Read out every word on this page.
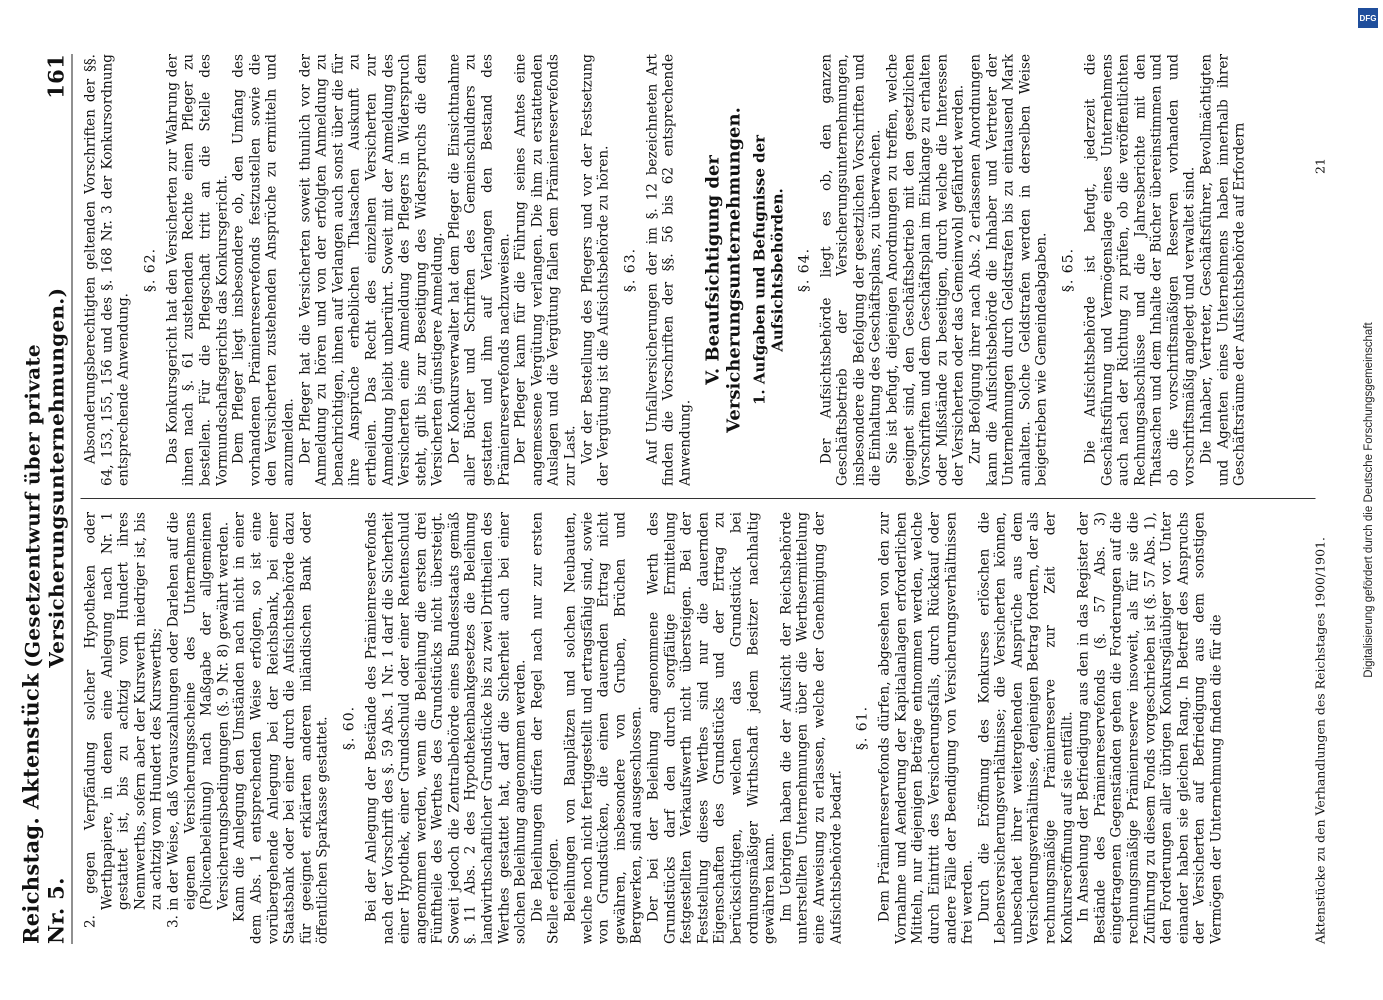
Reichstag. Aktenstück Nr. 5.
(Gesetzentwurf über private Versicherungsunternehmungen.)
161

2. gegen Verpfändung solcher Hypotheken oder Werthpapiere, in denen eine Anlegung nach Nr. 1 gestattet ist, bis zu achtzig vom Hundert ihres Nennwerths, sofern aber der Kurswerth niedriger ist, bis zu achtzig vom Hundert des Kurswerths; 3. in der Weise, daß Vorauszahlungen oder Darlehen auf die eigenen Versicherungsscheine des Unternehmens (Policenbeleihung) nach Maßgabe der allgemeinen Versicherungsbedingungen (§. 9 Nr. 8) gewährt werden. Kann die Anlegung den Umständen nach nicht in einer dem Abs. 1 entsprechenden Weise erfolgen, so ist eine vorübergehende Anlegung bei der Reichsbank, bei einer Staatsbank oder bei einer durch die Aufsichtsbehörde dazu für geeignet erklärten anderen inländischen Bank oder öffentlichen Sparkasse gestattet. §. 60. Bei der Anlegung der Bestände des Prämienreservefonds nach der Vorschrift des §. 59 Abs. 1 Nr. 1 darf die Sicherheit einer Hypothek, einer Grundschuld oder einer Rentenschuld angenommen werden, wenn die Beleihung die ersten drei Fünftheile des Werthes des Grundstücks nicht übersteigt. Soweit jedoch die Zentralbehörde eines Bundesstaats gemäß §. 11 Abs. 2 des Hypothekenbankgesetzes die Beleihung landwirthschaftlicher Grundstücke bis zu zwei Drittheilen des Werthes gestattet hat, darf die Sicherheit auch bei einer solchen Beleihung angenommen werden. Die Beleihungen dürfen der Regel nach nur zur ersten Stelle erfolgen. Beleihungen von Bauplätzen und solchen Neubauten, welche noch nicht fertiggestellt und ertragsfähig sind, sowie von Grundstücken, die einen dauernden Ertrag nicht gewähren, insbesondere von Gruben, Brüchen und Bergwerken, sind ausgeschlossen. Der bei der Beleihung angenommene Werth des Grundstücks darf den durch sorgfältige Ermittelung festgestellten Verkaufswerth nicht übersteigen. Bei der Feststellung dieses Werthes sind nur die dauernden Eigenschaften des Grundstücks und der Ertrag zu berücksichtigen, welchen das Grundstück bei ordnungsmäßiger Wirthschaft jedem Besitzer nachhaltig gewähren kann. Im Uebrigen haben die der Aufsicht der Reichsbehörde unterstellten Unternehmungen über die Werthsermittelung eine Anweisung zu erlassen, welche der Genehmigung der Aufsichtsbehörde bedarf.

§. 61. Dem Prämienreservefonds dürfen, abgesehen von den zur Vornahme und Aenderung der Kapitalanlagen erforderlichen Mitteln, nur diejenigen Beträge entnommen werden, welche durch Eintritt des Versicherungsfalls, durch Rückkauf oder andere Fälle der Beendigung von Versicherungsverhältnissen frei werden. Durch die Eröffnung des Konkurses erlöschen die Lebensversicherungsverhältnisse; die Versicherten können, unbeschadet ihrer weitergehenden Ansprüche aus dem Versicherungsverhältnisse, denjenigen Betrag fordern, der als rechnungsmäßige Prämienreserve zur Zeit der Konkurseröffnung auf sie entfällt. In Ansehung der Befriedigung aus den in das Register der Bestände des Prämienreservefonds (§. 57 Abs. 3) eingetragenen Gegenständen gehen die Forderungen auf die rechnungsmäßige Prämienreserve insoweit, als für sie die Zuführung zu diesem Fonds vorgeschrieben ist (§. 57 Abs. 1), den Forderungen aller übrigen Konkursgläubiger vor. Unter einander haben sie gleichen Rang. In Betreff des Anspruchs der Versicherten auf Befriedigung aus dem sonstigen Vermögen der Unternehmung finden die für die

Absonderungsberechtigten geltenden Vorschriften der §§. 64, 153, 155, 156 und des §. 168 Nr. 3 der Konkursordnung entsprechende Anwendung.

§. 62. Das Konkursgericht hat den Versicherten zur Wahrung der ihnen nach §. 61 zustehenden Rechte einen Pfleger zu bestellen. Für die Pflegschaft tritt an die Stelle des Vormundschaftsgerichts das Konkursgericht. Dem Pfleger liegt insbesondere ob, den Umfang des vorhandenen Prämienreservefonds festzustellen sowie die den Versicherten zustehenden Ansprüche zu ermitteln und anzumelden. Der Pfleger hat die Versicherten soweit thunlich vor der Anmeldung zu hören und von der erfolgten Anmeldung zu benachrichtigen, ihnen auf Verlangen auch sonst über die für ihre Ansprüche erheblichen Thatsachen Auskunft zu ertheilen. Das Recht des einzelnen Versicherten zur Anmeldung bleibt unberührt. Soweit mit der Anmeldung des Versicherten eine Anmeldung des Pflegers in Widerspruch steht, gilt bis zur Beseitigung des Widerspruchs die dem Versicherten günstigere Anmeldung. Der Konkursverwalter hat dem Pfleger die Einsichtnahme aller Bücher und Schriften des Gemeinschuldners zu gestatten und ihm auf Verlangen den Bestand des Prämienreservefonds nachzuweisen. Der Pfleger kann für die Führung seines Amtes eine angemessene Vergütung verlangen. Die ihm zu erstattenden Auslagen und die Vergütung fallen dem Prämienreservefonds zur Last. Vor der Bestellung des Pflegers und vor der Festsetzung der Vergütung ist die Aufsichtsbehörde zu hören. §. 63. Auf Unfallversicherungen der im §. 12 bezeichneten Art finden die Vorschriften der §§. 56 bis 62 entsprechende Anwendung.

V. Beaufsichtigung der Versicherungsunternehmungen. 1. Aufgaben und Befugnisse der Aufsichtsbehörden. §. 64. Der Aufsichtsbehörde liegt es ob, den ganzen Geschäftsbetrieb der Versicherungsunternehmungen, insbesondere die Befolgung der gesetzlichen Vorschriften und die Einhaltung des Geschäftsplans, zu überwachen. Sie ist befugt, diejenigen Anordnungen zu treffen, welche geeignet sind, den Geschäftsbetrieb mit den gesetzlichen Vorschriften und dem Geschäftsplan im Einklange zu erhalten oder Mißstände zu beseitigen, durch welche die Interessen der Versicherten oder das Gemeinwohl gefährdet werden. Zur Befolgung ihrer nach Abs. 2 erlassenen Anordnungen kann die Aufsichtsbehörde die Inhaber und Vertreter der Unternehmungen durch Geldstrafen bis zu eintausend Mark anhalten. Solche Geldstrafen werden in derselben Weise beigetrieben wie Gemeindeabgaben. §. 65. Die Aufsichtsbehörde ist befugt, jederzeit die Geschäftsführung und Vermögenslage eines Unternehmens auch nach der Richtung zu prüfen, ob die veröffentlichten Rechnungsabschlüsse und die Jahresberichte mit den Thatsachen und dem Inhalte der Bücher übereinstimmen und ob die vorschriftsmäßigen Reserven vorhanden und vorschriftsmäßig angelegt und verwaltet sind. Die Inhaber, Vertreter, Geschäftsführer, Bevollmächtigten und Agenten eines Unternehmens haben innerhalb ihrer Geschäftsräume der Aufsichtsbehörde auf Erfordern

Aktenstücke zu den Verhandlungen des Reichstages 1900/1901.
21
Digitalisierung gefördert durch die Deutsche Forschungsgemeinschaft
DFG
